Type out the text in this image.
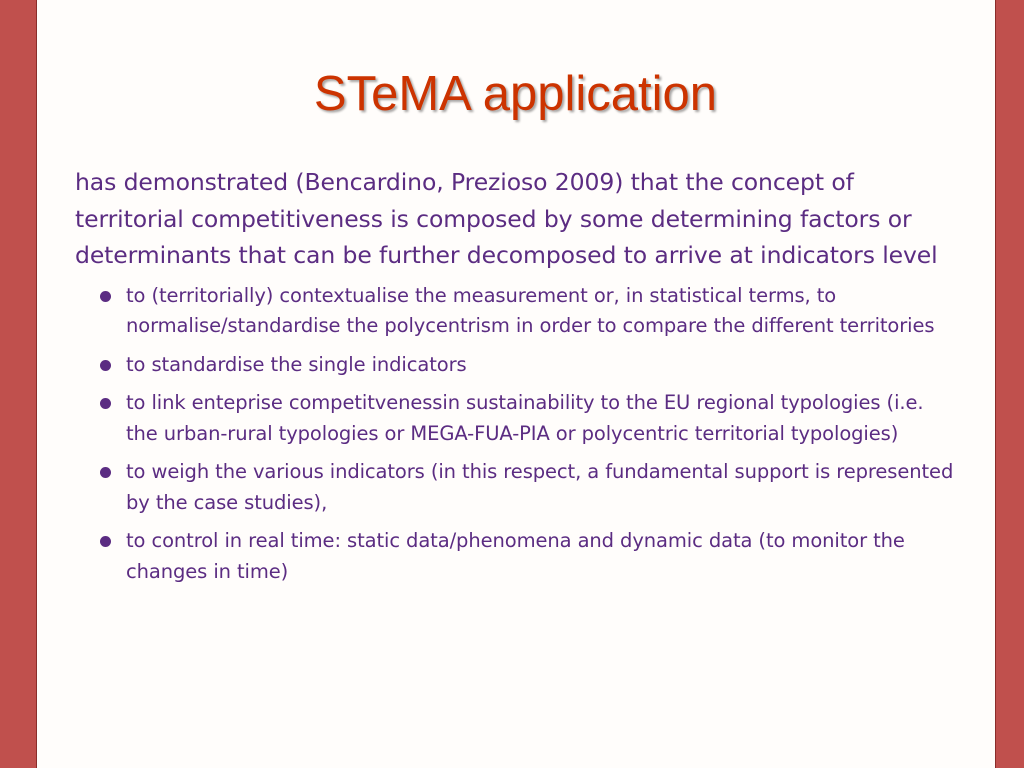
STeMA application

has demonstrated (Bencardino, Prezioso 2009) that the concept of territorial competitiveness is composed by some determining factors or determinants that can be further decomposed to arrive at indicators level

to (territorially) contextualise the measurement or, in statistical terms, to normalise/standardise the polycentrism in order to compare the different territories
to standardise the single indicators
to link enteprise competitvenessin sustainability to the EU regional typologies (i.e. the urban-rural typologies or MEGA-FUA-PIA or polycentric territorial typologies)
to weigh the various indicators (in this respect, a fundamental support is represented by the case studies),
to control in real time: static data/phenomena and dynamic data (to monitor the changes in time)
